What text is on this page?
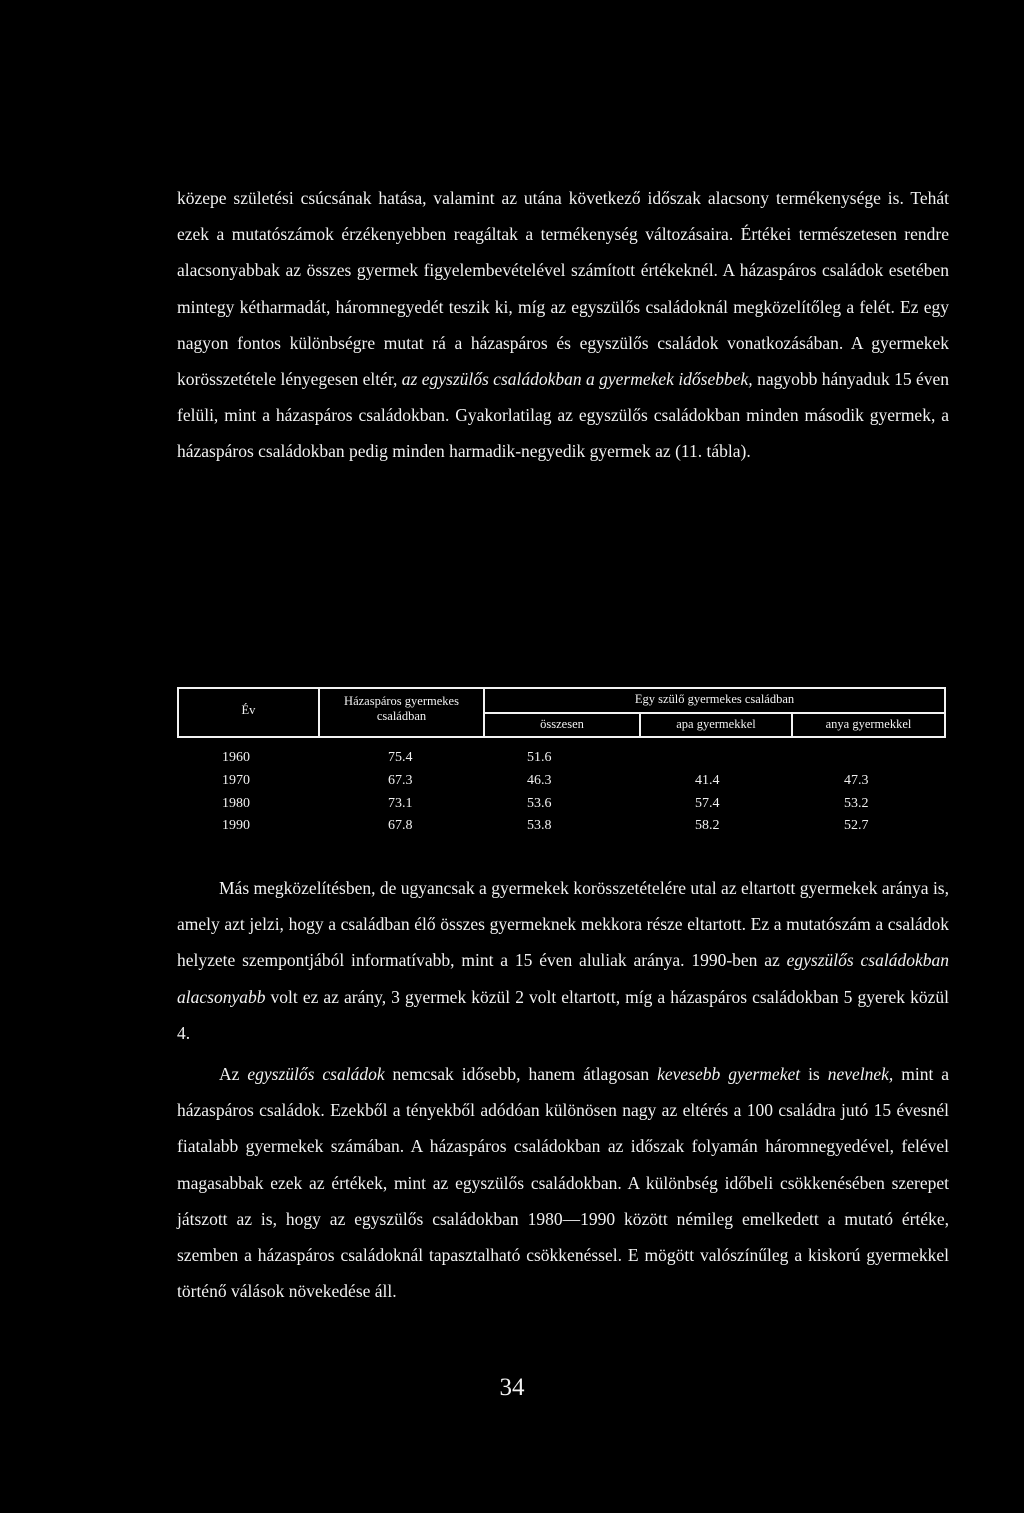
közepe születési csúcsának hatása, valamint az utána következő időszak alacsony termékenysége is. Tehát ezek a mutatószámok érzékenyebben reagáltak a termékenység változásaira. Értékei természetesen rendre alacsonyabbak az összes gyermek figyelembevételével számított értékeknél. A házaspáros családok esetében mintegy kétharmadát, háromnegyedét teszik ki, míg az egyszülős családoknál megközelítőleg a felét. Ez egy nagyon fontos különbségre mutat rá a házaspáros és egyszülős családok vonatkozásában. A gyermekek korösszetétele lényegesen eltér, az egyszülős családokban a gyermekek idősebbek, nagyobb hányaduk 15 éven felüli, mint a házaspáros családokban. Gyakorlatilag az egyszülős családokban minden második gyermek, a házaspáros családokban pedig minden harmadik-negyedik gyermek az (11. tábla).

Év
Házaspáros gyermekes családban
Egy szülő gyermekes családban
összesen	apa gyermekkel	anya gyermekkel
1960	75.4	51.6
1970	67.3	46.3	41.4	47.3
1980	73.1	53.6	57.4	53.2
1990	67.8	53.8	58.2	52.7

Más megközelítésben, de ugyancsak a gyermekek korösszetételére utal az eltartott gyermekek aránya is, amely azt jelzi, hogy a családban élő összes gyermeknek mekkora része eltartott. Ez a mutatószám a családok helyzete szempontjából informatívabb, mint a 15 éven aluliak aránya. 1990-ben az egyszülős családokban alacsonyabb volt ez az arány, 3 gyermek közül 2 volt eltartott, míg a házaspáros családokban 5 gyerek közül 4.

Az egyszülős családok nemcsak idősebb, hanem átlagosan kevesebb gyermeket is nevelnek, mint a házaspáros családok. Ezekből a tényekből adódóan különösen nagy az eltérés a 100 családra jutó 15 évesnél fiatalabb gyermekek számában. A házaspáros családokban az időszak folyamán háromnegyedével, felével magasabbak ezek az értékek, mint az egyszülős családokban. A különbség időbeli csökkenésében szerepet játszott az is, hogy az egyszülős családokban 1980—1990 között némileg emelkedett a mutató értéke, szemben a házaspáros családoknál tapasztalható csökkenéssel. E mögött valószínűleg a kiskorú gyermekkel történő válások növekedése áll.

34
